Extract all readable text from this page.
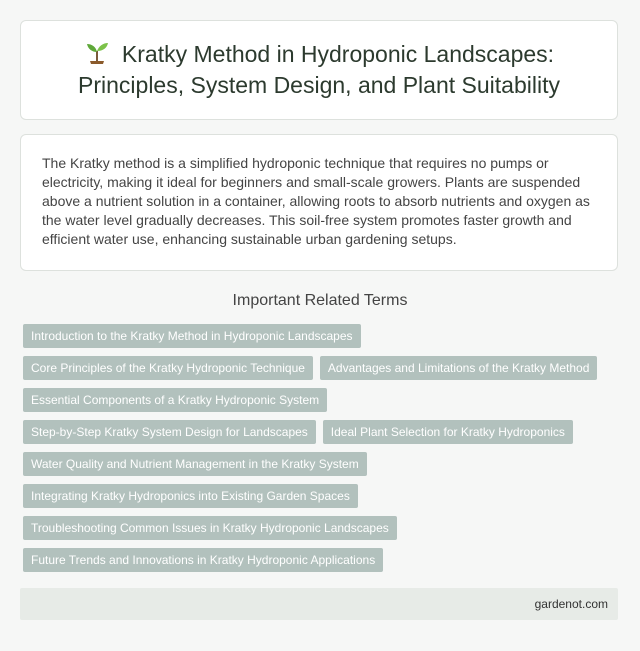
Kratky Method in Hydroponic Landscapes: Principles, System Design, and Plant Suitability

The Kratky method is a simplified hydroponic technique that requires no pumps or electricity, making it ideal for beginners and small-scale growers. Plants are suspended above a nutrient solution in a container, allowing roots to absorb nutrients and oxygen as the water level gradually decreases. This soil-free system promotes faster growth and efficient water use, enhancing sustainable urban gardening setups.

Important Related Terms
Introduction to the Kratky Method in Hydroponic Landscapes
Core Principles of the Kratky Hydroponic Technique	Advantages and Limitations of the Kratky Method
Essential Components of a Kratky Hydroponic System
Step-by-Step Kratky System Design for Landscapes	Ideal Plant Selection for Kratky Hydroponics
Water Quality and Nutrient Management in the Kratky System
Integrating Kratky Hydroponics into Existing Garden Spaces
Troubleshooting Common Issues in Kratky Hydroponic Landscapes
Future Trends and Innovations in Kratky Hydroponic Applications
gardenot.com
